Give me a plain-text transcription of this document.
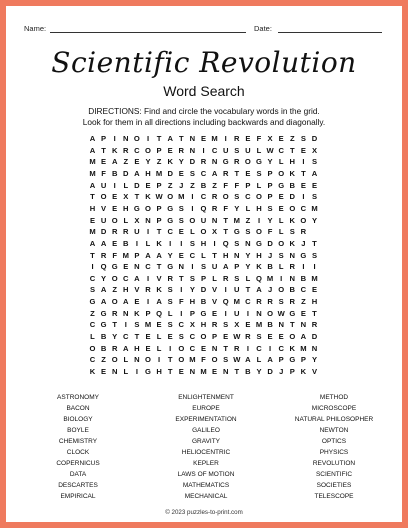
Name:	Date:
Scientific Revolution
Word Search
DIRECTIONS: Find and circle the vocabulary words in the grid.
Look for them in all directions including backwards and diagonally.
A P I N O I	T A T N E M I R E F X E Z S D
A T K R C O P E R N I C U S U L W C T E X
M E A Z E Y Z K Y D R N G R O G Y L H I S
M F B D A H M D E S C A R T E S P O K T A
A U I	L D E P Z J Z B Z F F P L P G B E E
T O E X T K W O M I C R O S C O P E D I S
H V E H G O P G S I Q R F Y L H S E O C M
E U O L X N P G S O U N T M Z	I Y L K O Y
M D R R U I	T C E L O X T G S O F L S R
A A E B I	L K I	I S H I Q S N G D O K J T
T R F M P A A Y E C L T H N Y H J S N G S
I Q G E N C T G N I S U A P Y K B L R I	I
C Y O C A I V R T S P L R S L Q M I N B M
S A Z H V R K S I Y D V I U T A J O B C E
G A O A E I A S F H B V Q M C R R S R Z H
Z G R N K P Q L	I P G E I U I N O W G E T
C G T	I S M E S C X H R S X E M B N T N R
L B Y C T E L E S C O P E W R S E E O A D
O B R A H E L	I O C E N T R I C I C K M N
C Z O L N O I	T O M F O S W A L A P G P Y
K E N L	I G H T E N M E N T B Y D J P K V
ASTRONOMY
BACON
BIOLOGY
BOYLE
CHEMISTRY
CLOCK
COPERNICUS
DATA
DESCARTES
EMPIRICAL
ENLIGHTENMENT
EUROPE
EXPERIMENTATION
GALILEO
GRAVITY
HELIOCENTRIC
KEPLER
LAWS OF MOTION
MATHEMATICS
MECHANICAL
METHOD
MICROSCOPE
NATURAL PHILOSOPHER
NEWTON
OPTICS
PHYSICS
REVOLUTION
SCIENTIFIC
SOCIETIES
TELESCOPE
© 2023 puzzles-to-print.com
